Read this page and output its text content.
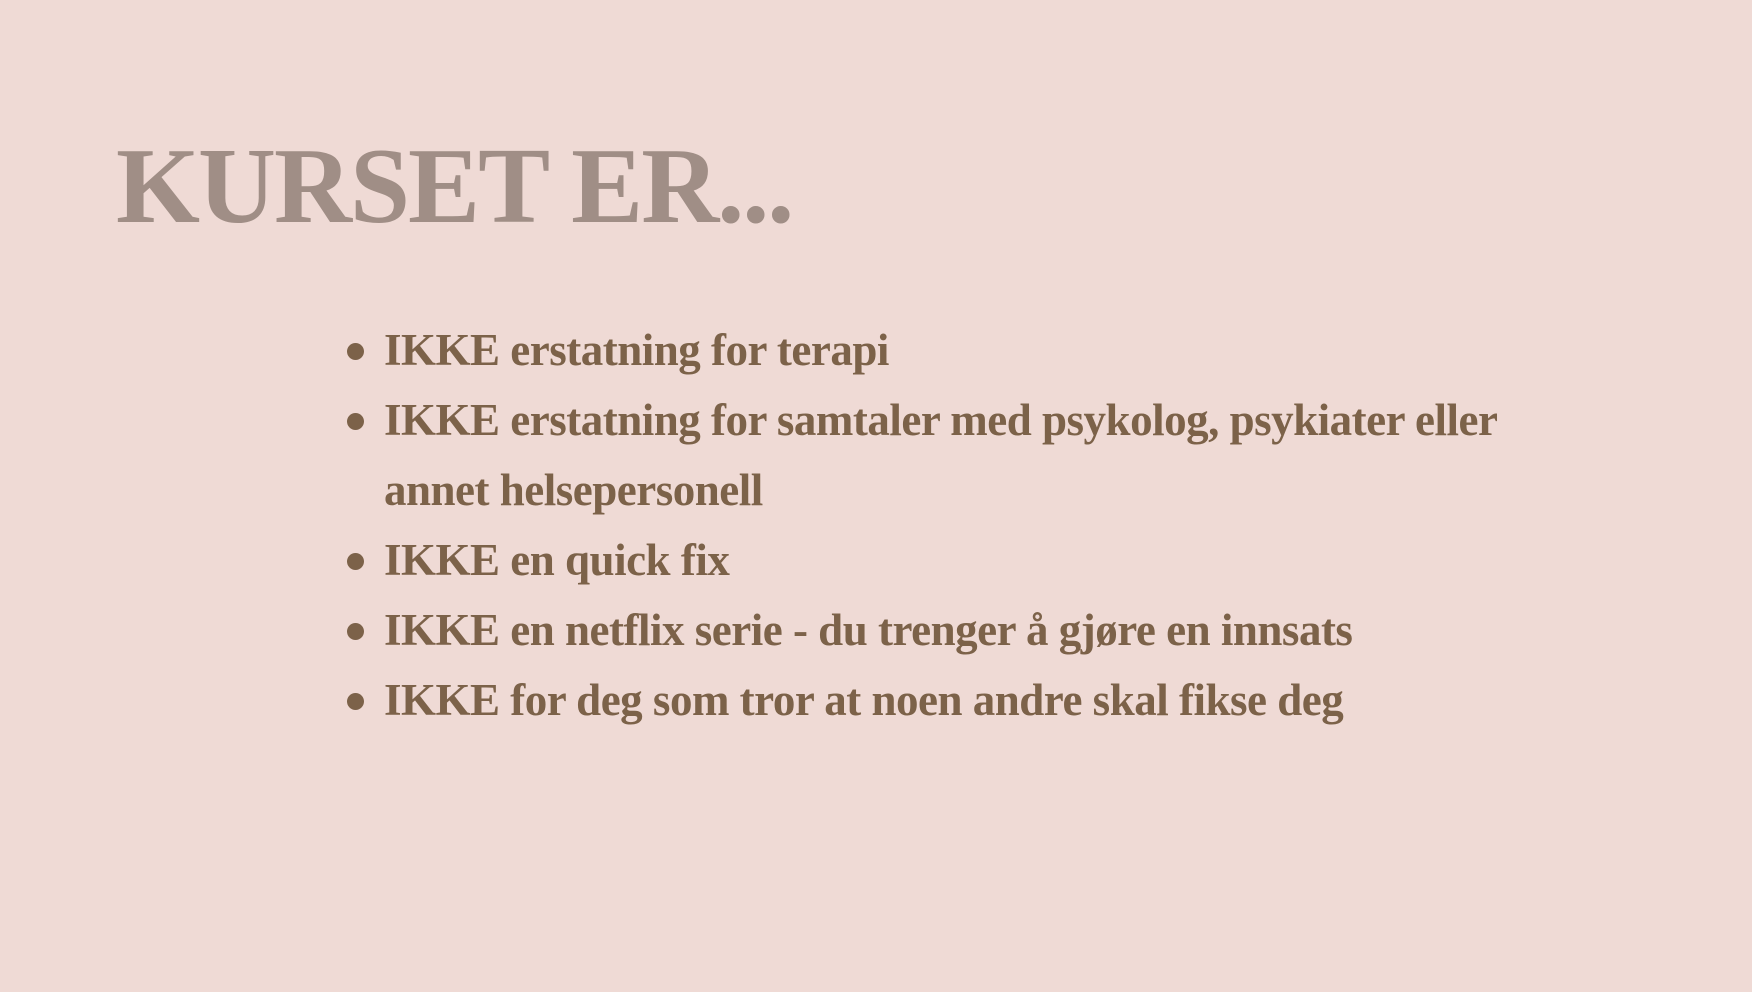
KURSET ER...
IKKE erstatning for terapi
IKKE erstatning for samtaler med psykolog, psykiater eller annet helsepersonell
IKKE en quick fix
IKKE en netflix serie - du trenger å gjøre en innsats
IKKE for deg som tror at noen andre skal fikse deg
